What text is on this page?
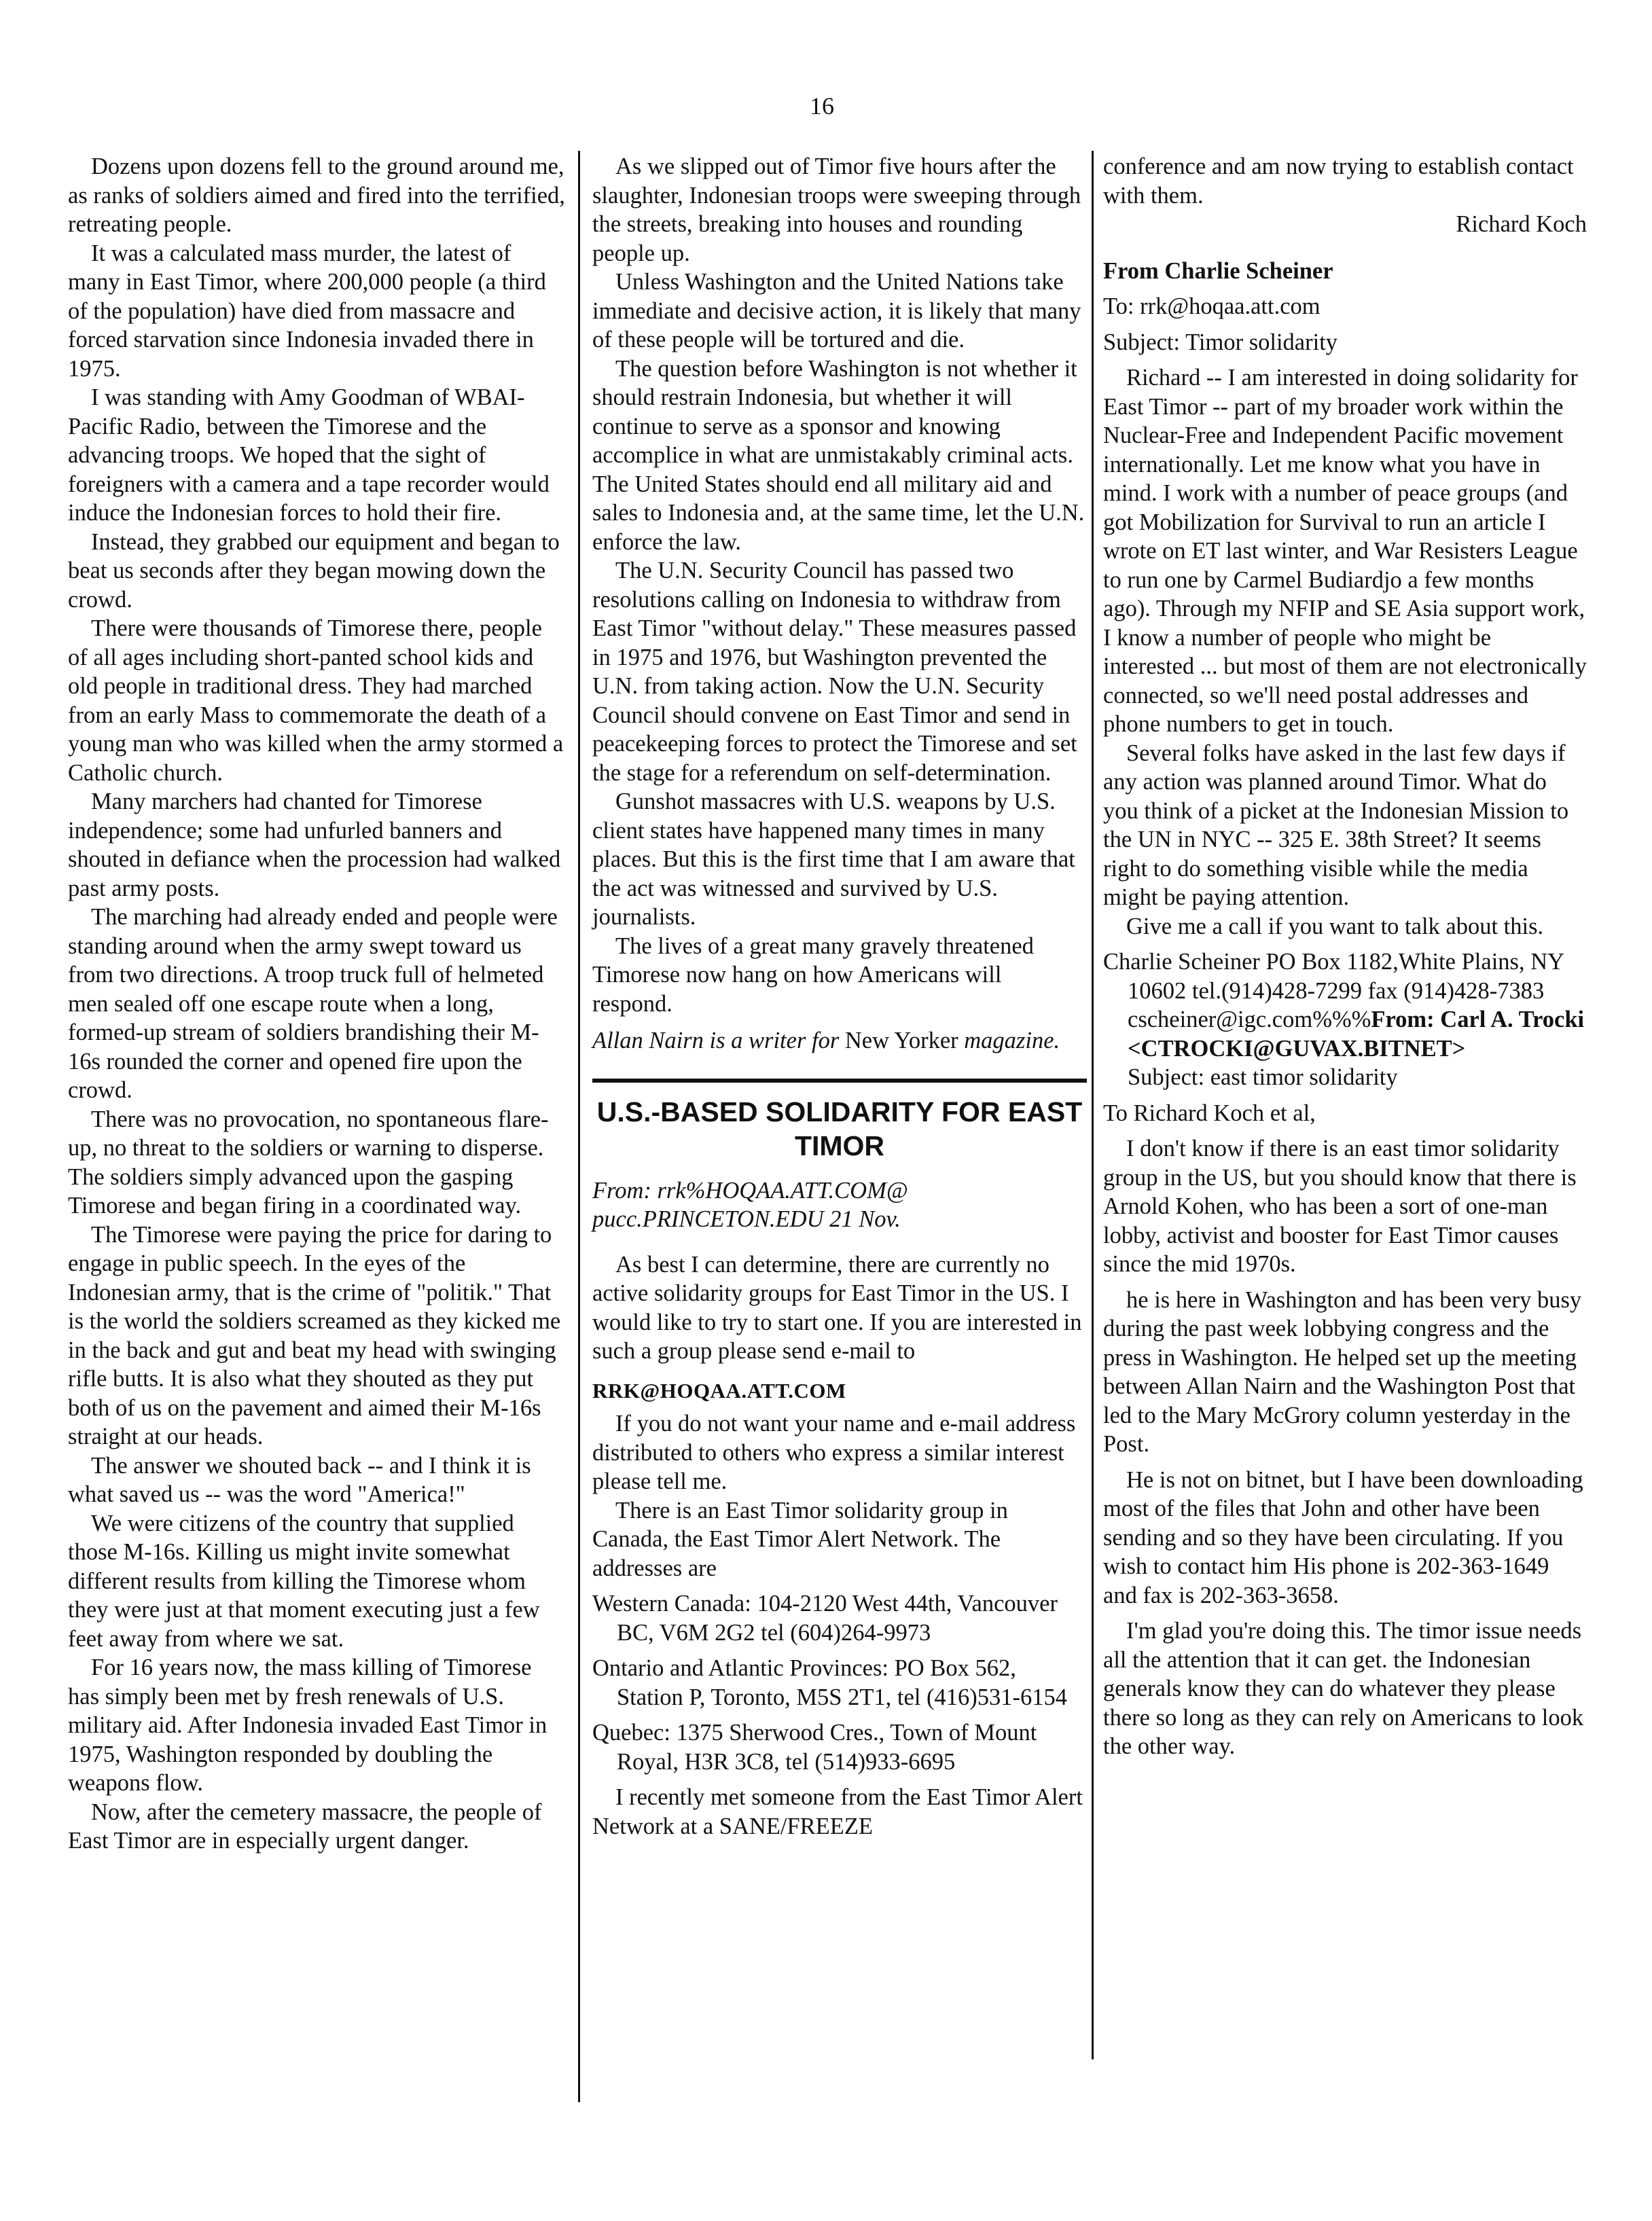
16

Dozens upon dozens fell to the ground around me, as ranks of soldiers aimed and fired into the terrified, retreating people.

It was a calculated mass murder, the latest of many in East Timor, where 200,000 people (a third of the population) have died from massacre and forced starvation since Indonesia invaded there in 1975.

I was standing with Amy Goodman of WBAI-Pacific Radio, between the Timorese and the advancing troops. We hoped that the sight of foreigners with a camera and a tape recorder would induce the Indonesian forces to hold their fire.

Instead, they grabbed our equipment and began to beat us seconds after they began mowing down the crowd.

There were thousands of Timorese there, people of all ages including short-panted school kids and old people in traditional dress. They had marched from an early Mass to commemorate the death of a young man who was killed when the army stormed a Catholic church.

Many marchers had chanted for Timorese independence; some had unfurled banners and shouted in defiance when the procession had walked past army posts.

The marching had already ended and people were standing around when the army swept toward us from two directions. A troop truck full of helmeted men sealed off one escape route when a long, formed-up stream of soldiers brandishing their M-16s rounded the corner and opened fire upon the crowd.

There was no provocation, no spontaneous flare-up, no threat to the soldiers or warning to disperse. The soldiers simply advanced upon the gasping Timorese and began firing in a coordinated way.

The Timorese were paying the price for daring to engage in public speech. In the eyes of the Indonesian army, that is the crime of "politik." That is the world the soldiers screamed as they kicked me in the back and gut and beat my head with swinging rifle butts. It is also what they shouted as they put both of us on the pavement and aimed their M-16s straight at our heads.

The answer we shouted back -- and I think it is what saved us -- was the word "America!"

We were citizens of the country that supplied those M-16s. Killing us might invite somewhat different results from killing the Timorese whom they were just at that moment executing just a few feet away from where we sat.

For 16 years now, the mass killing of Timorese has simply been met by fresh renewals of U.S. military aid. After Indonesia invaded East Timor in 1975, Washington responded by doubling the weapons flow.

Now, after the cemetery massacre, the people of East Timor are in especially urgent danger.

As we slipped out of Timor five hours after the slaughter, Indonesian troops were sweeping through the streets, breaking into houses and rounding people up.

Unless Washington and the United Nations take immediate and decisive action, it is likely that many of these people will be tortured and die.

The question before Washington is not whether it should restrain Indonesia, but whether it will continue to serve as a sponsor and knowing accomplice in what are unmistakably criminal acts. The United States should end all military aid and sales to Indonesia and, at the same time, let the U.N. enforce the law.

The U.N. Security Council has passed two resolutions calling on Indonesia to withdraw from East Timor "without delay." These measures passed in 1975 and 1976, but Washington prevented the U.N. from taking action. Now the U.N. Security Council should convene on East Timor and send in peacekeeping forces to protect the Timorese and set the stage for a referendum on self-determination.

Gunshot massacres with U.S. weapons by U.S. client states have happened many times in many places. But this is the first time that I am aware that the act was witnessed and survived by U.S. journalists.

The lives of a great many gravely threatened Timorese now hang on how Americans will respond.

Allan Nairn is a writer for New Yorker magazine.

U.S.-BASED SOLIDARITY FOR EAST TIMOR

From: rrk%HOQAA.ATT.COM@ pucc.PRINCETON.EDU 21 Nov.

As best I can determine, there are currently no active solidarity groups for East Timor in the US. I would like to try to start one. If you are interested in such a group please send e-mail to

RRK@HOQAA.ATT.COM

If you do not want your name and e-mail address distributed to others who express a similar interest please tell me.

There is an East Timor solidarity group in Canada, the East Timor Alert Network. The addresses are

Western Canada: 104-2120 West 44th, Vancouver BC, V6M 2G2 tel (604)264-9973

Ontario and Atlantic Provinces: PO Box 562, Station P, Toronto, M5S 2T1, tel (416)531-6154

Quebec: 1375 Sherwood Cres., Town of Mount Royal, H3R 3C8, tel (514)933-6695

I recently met someone from the East Timor Alert Network at a SANE/FREEZE

conference and am now trying to establish contact with them.

Richard Koch

From Charlie Scheiner

To: rrk@hoqaa.att.com

Subject: Timor solidarity

Richard -- I am interested in doing solidarity for East Timor -- part of my broader work within the Nuclear-Free and Independent Pacific movement internationally. Let me know what you have in mind. I work with a number of peace groups (and got Mobilization for Survival to run an article I wrote on ET last winter, and War Resisters League to run one by Carmel Budiardjo a few months ago). Through my NFIP and SE Asia support work, I know a number of people who might be interested ... but most of them are not electronically connected, so we'll need postal addresses and phone numbers to get in touch.

Several folks have asked in the last few days if any action was planned around Timor. What do you think of a picket at the Indonesian Mission to the UN in NYC -- 325 E. 38th Street? It seems right to do something visible while the media might be paying attention.

Give me a call if you want to talk about this.

Charlie Scheiner PO Box 1182,White Plains, NY 10602 tel.(914)428-7299 fax (914)428-7383

cscheiner@igc.com%%%From: Carl A. Trocki <CTROCKI@GUVAX.BITNET>

Subject: east timor solidarity

To Richard Koch et al,

I don't know if there is an east timor solidarity group in the US, but you should know that there is Arnold Kohen, who has been a sort of one-man lobby, activist and booster for East Timor causes since the mid 1970s.

he is here in Washington and has been very busy during the past week lobbying congress and the press in Washington. He helped set up the meeting between Allan Nairn and the Washington Post that led to the Mary McGrory column yesterday in the Post.

He is not on bitnet, but I have been downloading most of the files that John and other have been sending and so they have been circulating. If you wish to contact him His phone is 202-363-1649 and fax is 202-363-3658.

I'm glad you're doing this. The timor issue needs all the attention that it can get. the Indonesian generals know they can do whatever they please there so long as they can rely on Americans to look the other way.
